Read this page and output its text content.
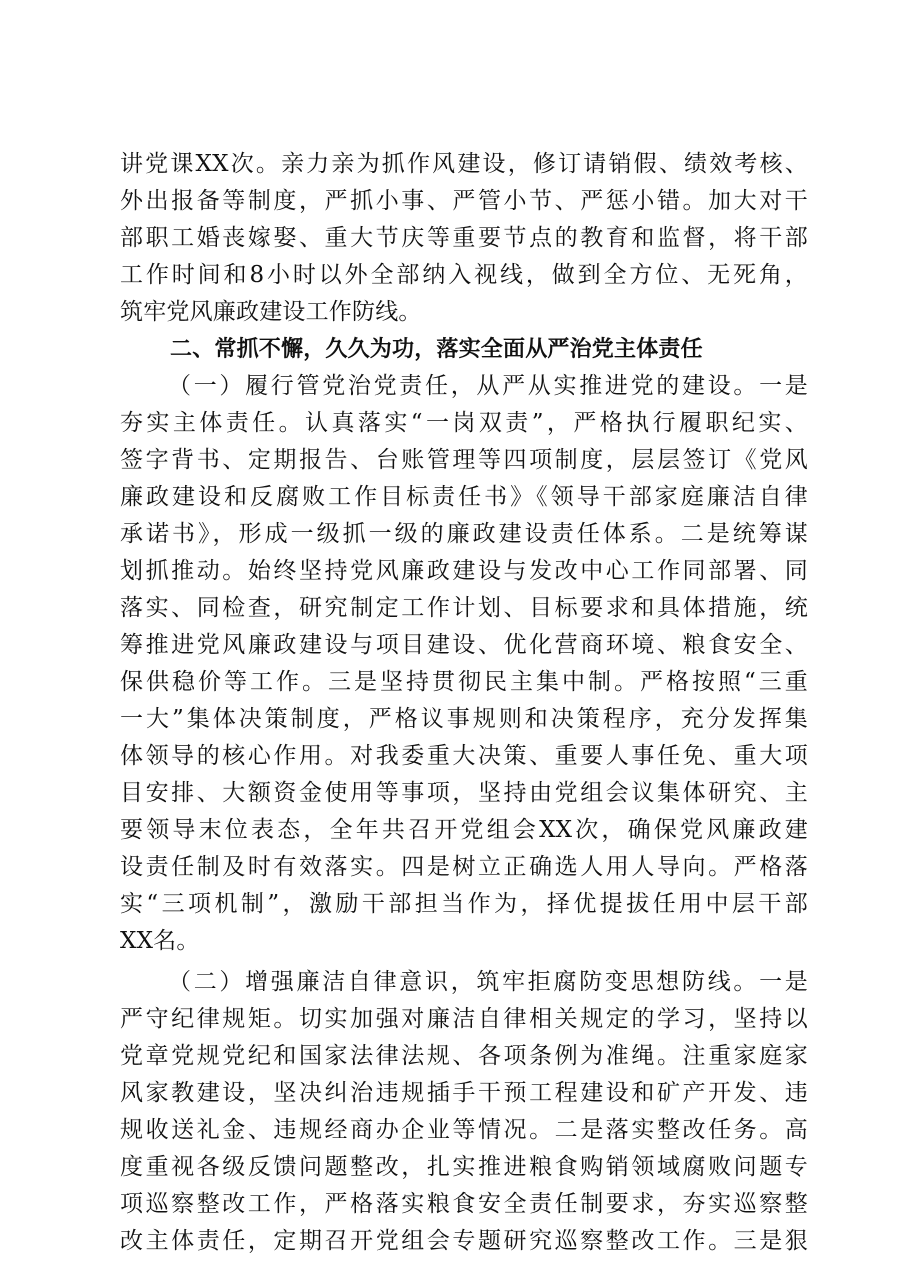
讲党课XX次。亲力亲为抓作风建设，修订请销假、绩效考核、
外出报备等制度，严抓小事、严管小节、严惩小错。加大对干
部职工婚丧嫁娶、重大节庆等重要节点的教育和监督，将干部
工作时间和8小时以外全部纳入视线，做到全方位、无死角，
筑牢党风廉政建设工作防线。
二、常抓不懈，久久为功，落实全面从严治党主体责任
（一）履行管党治党责任，从严从实推进党的建设。一是
夯实主体责任。认真落实“一岗双责”，严格执行履职纪实、
签字背书、定期报告、台账管理等四项制度，层层签订《党风
廉政建设和反腐败工作目标责任书》《领导干部家庭廉洁自律
承诺书》，形成一级抓一级的廉政建设责任体系。二是统筹谋
划抓推动。始终坚持党风廉政建设与发改中心工作同部署、同
落实、同检查，研究制定工作计划、目标要求和具体措施，统
筹推进党风廉政建设与项目建设、优化营商环境、粮食安全、
保供稳价等工作。三是坚持贯彻民主集中制。严格按照“三重
一大”集体决策制度，严格议事规则和决策程序，充分发挥集
体领导的核心作用。对我委重大决策、重要人事任免、重大项
目安排、大额资金使用等事项，坚持由党组会议集体研究、主
要领导末位表态，全年共召开党组会XX次，确保党风廉政建
设责任制及时有效落实。四是树立正确选人用人导向。严格落
实“三项机制”，激励干部担当作为，择优提拔任用中层干部
XX名。
（二）增强廉洁自律意识，筑牢拒腐防变思想防线。一是
严守纪律规矩。切实加强对廉洁自律相关规定的学习，坚持以
党章党规党纪和国家法律法规、各项条例为准绳。注重家庭家
风家教建设，坚决纠治违规插手干预工程建设和矿产开发、违
规收送礼金、违规经商办企业等情况。二是落实整改任务。高
度重视各级反馈问题整改，扎实推进粮食购销领域腐败问题专
项巡察整改工作，严格落实粮食安全责任制要求，夯实巡察整
改主体责任，定期召开党组会专题研究巡察整改工作。三是狠
